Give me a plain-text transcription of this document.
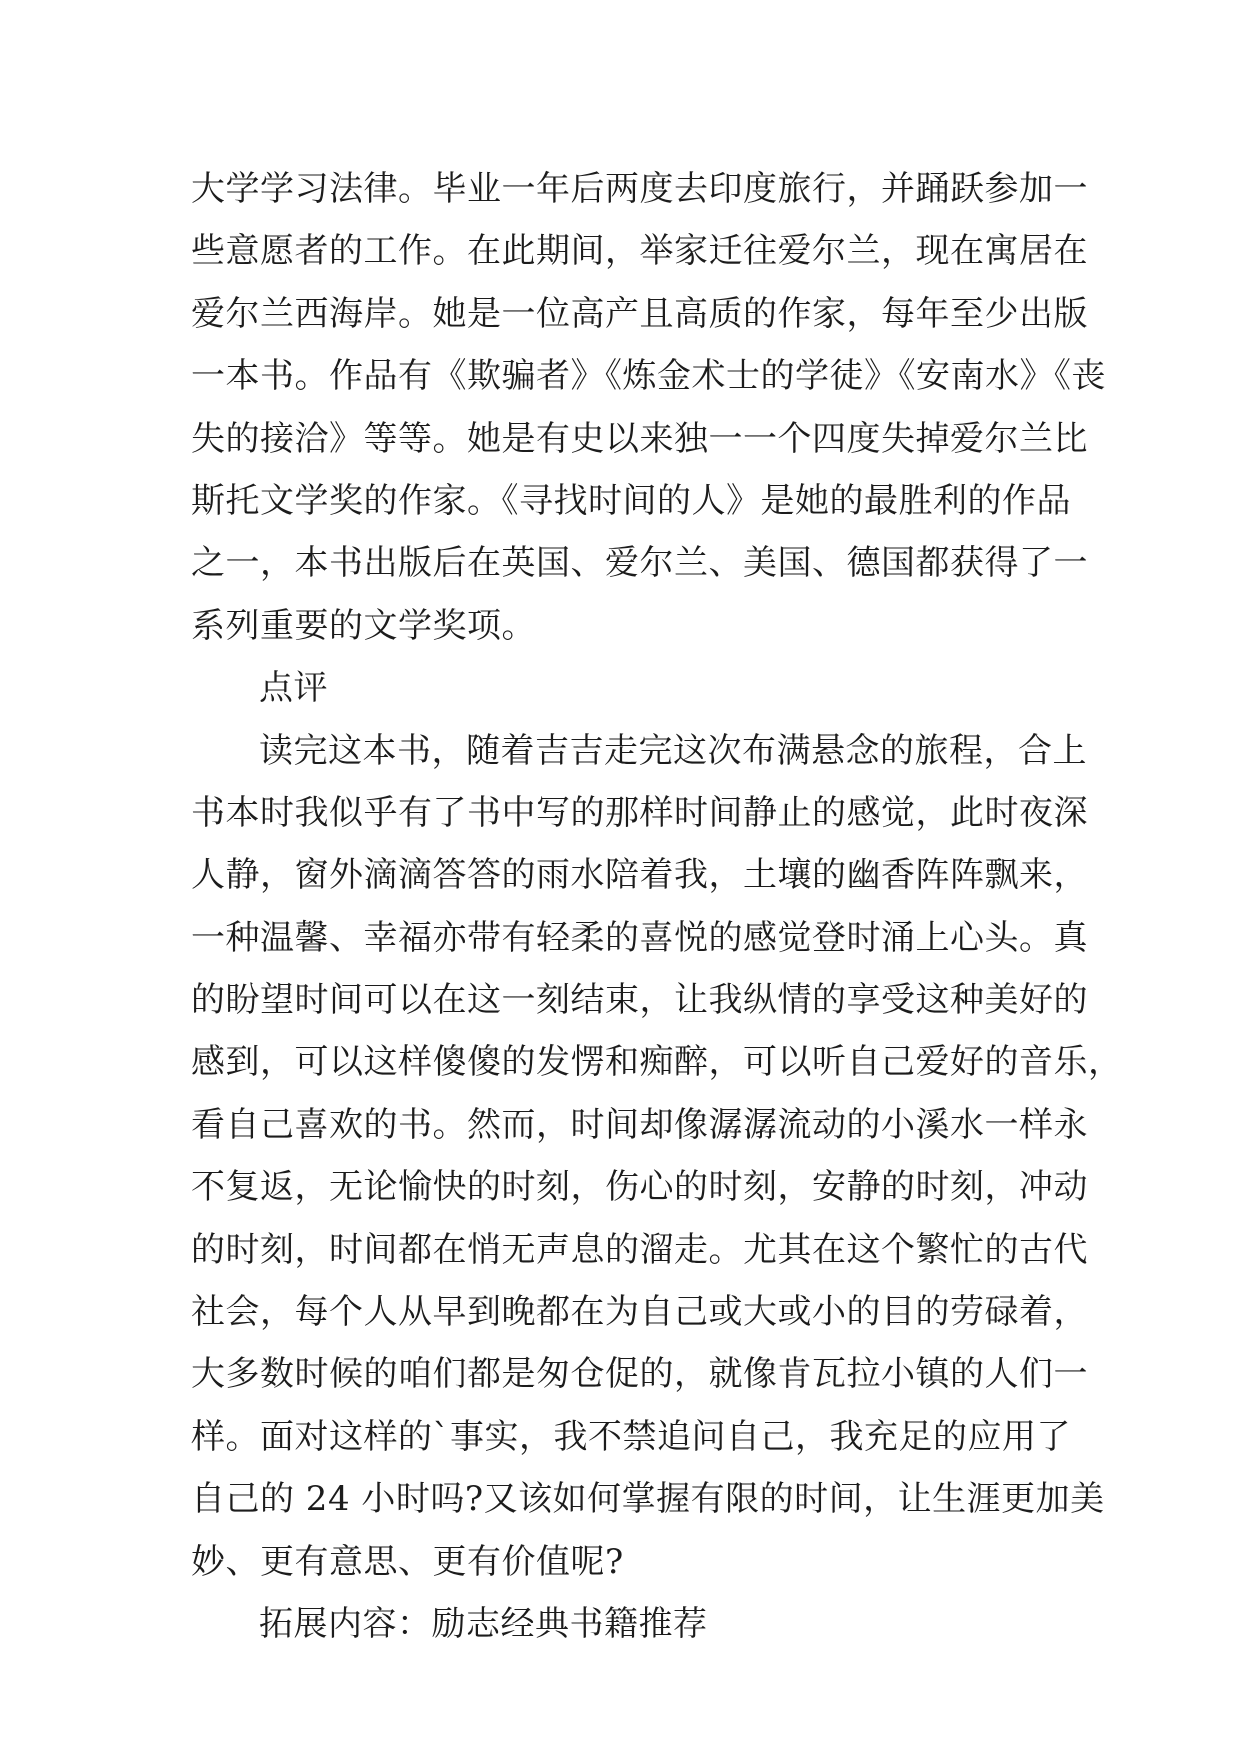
大学学习法律。毕业一年后两度去印度旅行，并踊跃参加一
些意愿者的工作。在此期间，举家迁往爱尔兰，现在寓居在
爱尔兰西海岸。她是一位高产且高质的作家，每年至少出版
一本书。作品有《欺骗者》《炼金术士的学徒》《安南水》《丧
失的接洽》等等。她是有史以来独一一个四度失掉爱尔兰比
斯托文学奖的作家。《寻找时间的人》是她的最胜利的作品
之一，本书出版后在英国、爱尔兰、美国、德国都获得了一
系列重要的文学奖项。
点评
读完这本书，随着吉吉走完这次布满悬念的旅程，合上
书本时我似乎有了书中写的那样时间静止的感觉，此时夜深
人静，窗外滴滴答答的雨水陪着我，土壤的幽香阵阵飘来，
一种温馨、幸福亦带有轻柔的喜悦的感觉登时涌上心头。真
的盼望时间可以在这一刻结束，让我纵情的享受这种美好的
感到，可以这样傻傻的发愣和痴醉，可以听自己爱好的音乐，
看自己喜欢的书。然而，时间却像潺潺流动的小溪水一样永
不复返，无论愉快的时刻，伤心的时刻，安静的时刻，冲动
的时刻，时间都在悄无声息的溜走。尤其在这个繁忙的古代
社会，每个人从早到晚都在为自己或大或小的目的劳碌着，
大多数时候的咱们都是匆仓促的，就像肯瓦拉小镇的人们一
样。面对这样的`事实，我不禁追问自己，我充足的应用了
自己的 24 小时吗?又该如何掌握有限的时间，让生涯更加美
妙、更有意思、更有价值呢?
拓展内容：励志经典书籍推荐
